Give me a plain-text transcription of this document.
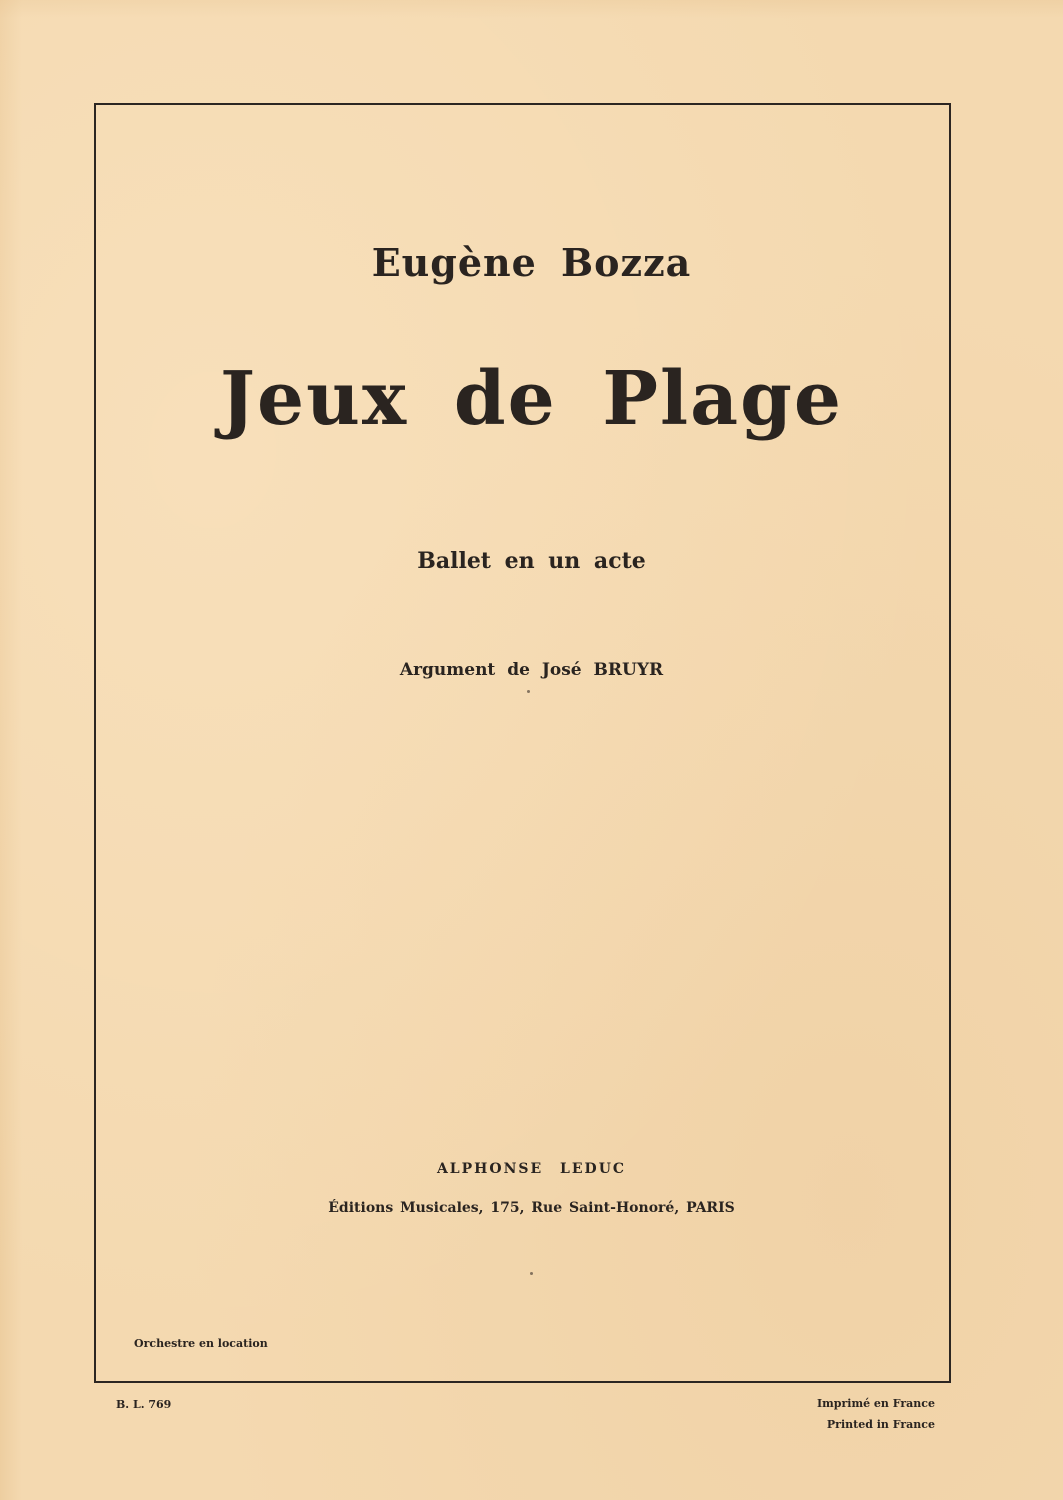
Eugène Bozza
Jeux de Plage
Ballet en un acte
Argument de José BRUYR
ALPHONSE LEDUC
Éditions Musicales, 175, Rue Saint-Honoré, PARIS
Orchestre en location
B. L. 769	Imprimé en France
Printed in France
